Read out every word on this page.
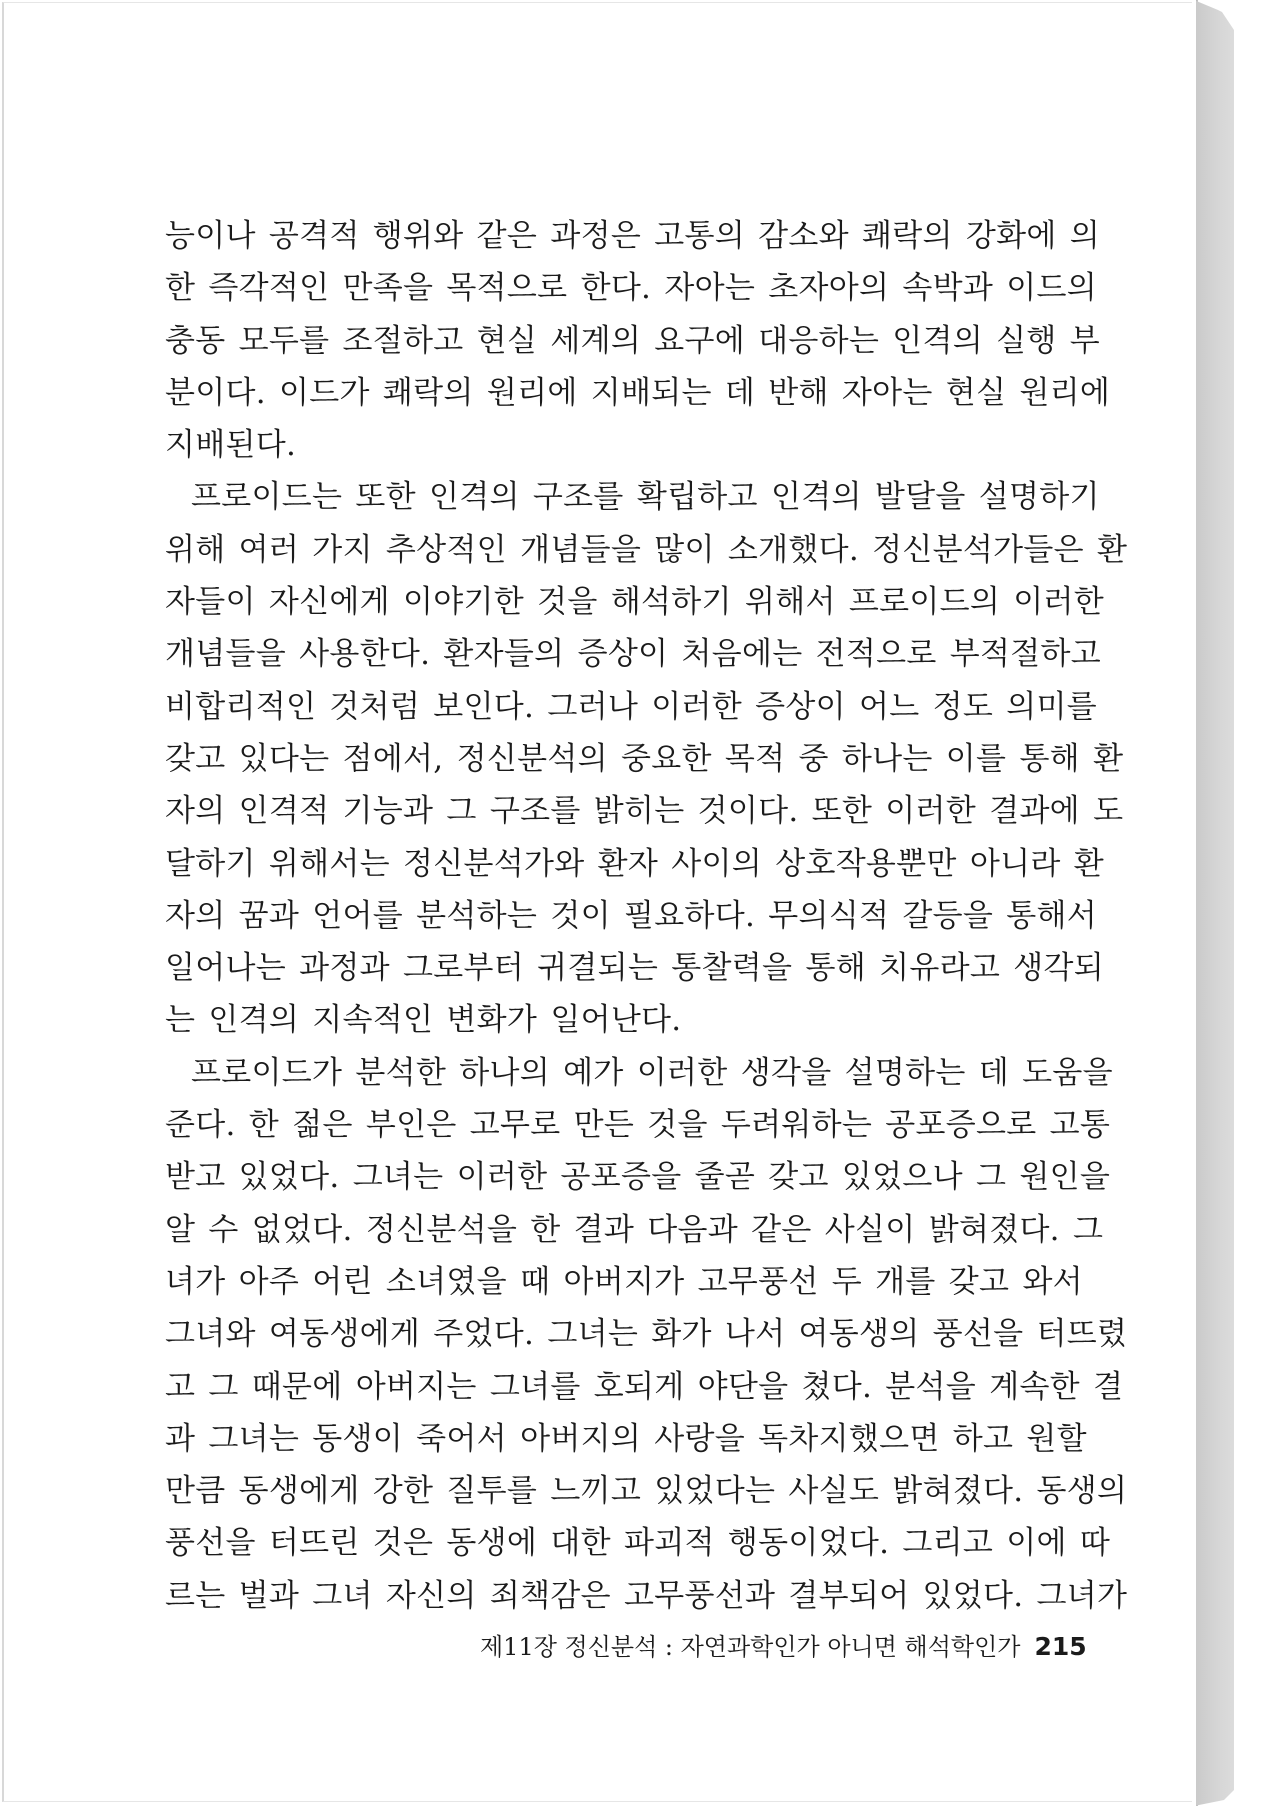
능이나 공격적 행위와 같은 과정은 고통의 감소와 쾌락의 강화에 의
한 즉각적인 만족을 목적으로 한다. 자아는 초자아의 속박과 이드의
충동 모두를 조절하고 현실 세계의 요구에 대응하는 인격의 실행 부
분이다. 이드가 쾌락의 원리에 지배되는 데 반해 자아는 현실 원리에
지배된다.
프로이드는 또한 인격의 구조를 확립하고 인격의 발달을 설명하기
위해 여러 가지 추상적인 개념들을 많이 소개했다. 정신분석가들은 환
자들이 자신에게 이야기한 것을 해석하기 위해서 프로이드의 이러한
개념들을 사용한다. 환자들의 증상이 처음에는 전적으로 부적절하고
비합리적인 것처럼 보인다. 그러나 이러한 증상이 어느 정도 의미를
갖고 있다는 점에서, 정신분석의 중요한 목적 중 하나는 이를 통해 환
자의 인격적 기능과 그 구조를 밝히는 것이다. 또한 이러한 결과에 도
달하기 위해서는 정신분석가와 환자 사이의 상호작용뿐만 아니라 환
자의 꿈과 언어를 분석하는 것이 필요하다. 무의식적 갈등을 통해서
일어나는 과정과 그로부터 귀결되는 통찰력을 통해 치유라고 생각되
는 인격의 지속적인 변화가 일어난다.
프로이드가 분석한 하나의 예가 이러한 생각을 설명하는 데 도움을
준다. 한 젊은 부인은 고무로 만든 것을 두려워하는 공포증으로 고통
받고 있었다. 그녀는 이러한 공포증을 줄곧 갖고 있었으나 그 원인을
알 수 없었다. 정신분석을 한 결과 다음과 같은 사실이 밝혀졌다. 그
녀가 아주 어린 소녀였을 때 아버지가 고무풍선 두 개를 갖고 와서
그녀와 여동생에게 주었다. 그녀는 화가 나서 여동생의 풍선을 터뜨렸
고 그 때문에 아버지는 그녀를 호되게 야단을 쳤다. 분석을 계속한 결
과 그녀는 동생이 죽어서 아버지의 사랑을 독차지했으면 하고 원할
만큼 동생에게 강한 질투를 느끼고 있었다는 사실도 밝혀졌다. 동생의
풍선을 터뜨린 것은 동생에 대한 파괴적 행동이었다. 그리고 이에 따
르는 벌과 그녀 자신의 죄책감은 고무풍선과 결부되어 있었다. 그녀가
제11장 정신분석 : 자연과학인가 아니면 해석학인가 215
